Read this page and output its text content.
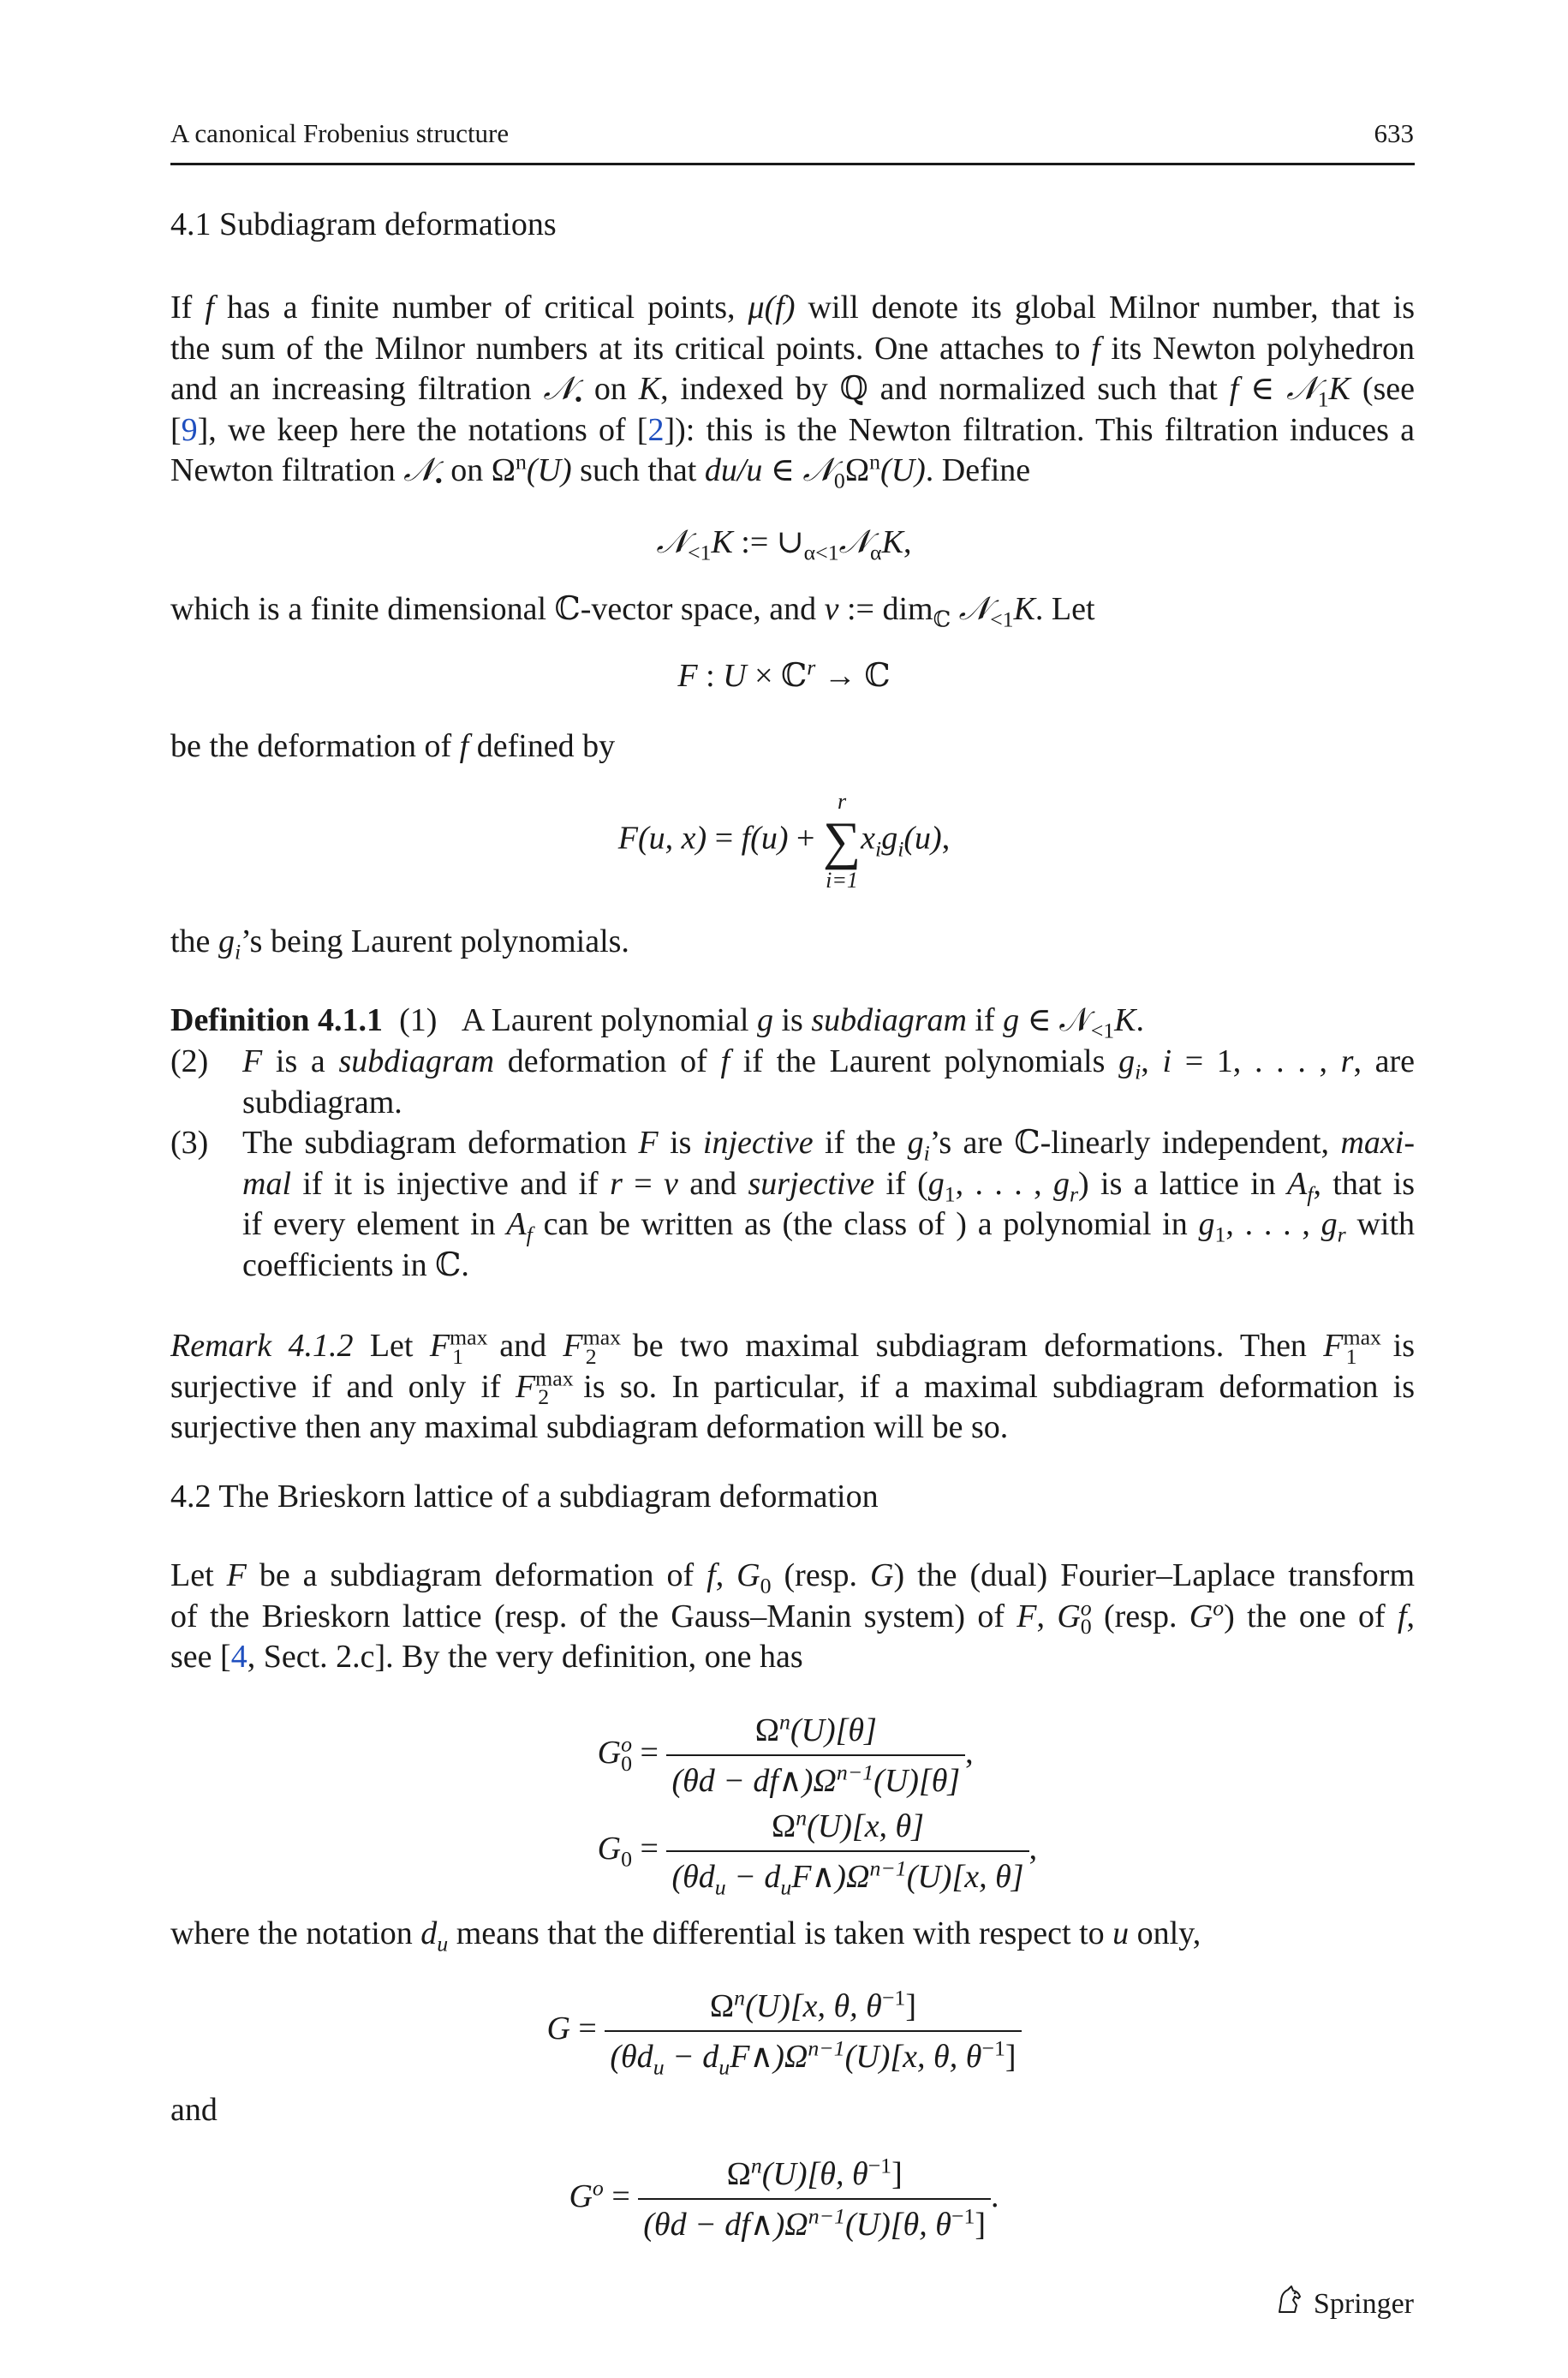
A canonical Frobenius structure	633
4.1 Subdiagram deformations
If f has a finite number of critical points, μ(f) will denote its global Milnor number, that is
the sum of the Milnor numbers at its critical points. One attaches to f its Newton polyhedron
and an increasing filtration 𝒩$_•$ on K, indexed by ℚ and normalized such that f ∈ 𝒩$_1$K (see
[9], we keep here the notations of [2]): this is the Newton filtration. This filtration induces a
Newton filtration 𝒩$_•$ on $\Omega^n(U)$ such that du/u ∈ $𝒩_0\Omega^n(U)$. Define
𝒩$_{<1}$K := $\cup_{\alpha<1}𝒩_\alpha K$,
which is a finite dimensional ℂ-vector space, and ν := dim$_ℂ$ 𝒩$_{<1}$K. Let
F : U × ℂ$^r$ → ℂ
be the deformation of f defined by
F(u, x) = f(u) +
r
∑
i=1
$x_ig_i(u)$,
the $g_i’s$ being Laurent polynomials.
Definition 4.1.1 (1) A Laurent polynomial g is subdiagram if g ∈ 𝒩$_{<1}$K.
(2) F is a subdiagram deformation of f if the Laurent polynomials $g_i$, i = 1, . . . , r, are
subdiagram.
(3) The subdiagram deformation F is injective if the $g_i’s$ are ℂ-linearly independent, maxi-
mal if it is injective and if r = ν and surjective if ($g_1$, . . . , $g_r$) is a lattice in $A_f$, that is
if every element in $A_f$ can be written as (the class of ) a polynomial in $g_1$, . . . , $g_r$ with
coefficients in ℂ.
Remark 4.1.2 Let $F^{max}_1$ and $F^{max}_2$ be two maximal subdiagram deformations. Then $F^{max}_1$ is
surjective if and only if $F^{max}_2$ is so. In particular, if a maximal subdiagram deformation is
surjective then any maximal subdiagram deformation will be so.
4.2 The Brieskorn lattice of a subdiagram deformation
Let F be a subdiagram deformation of f, $G_0$ (resp. G) the (dual) Fourier–Laplace transform
of the Brieskorn lattice (resp. of the Gauss–Manin system) of F, $G^o_0$ (resp. $G^o$) the one of f,
see [4, Sect. 2.c]. By the very definition, one has
$G^o_0 = \frac{\Omega^n(U)[\theta]}{(\theta d - df\wedge)\Omega^{n-1}(U)[\theta]}$ ,
$G_0 = \frac{\Omega^n(U)[x, \theta]}{(\theta d_u - d_uF\wedge)\Omega^{n-1}(U)[x, \theta]}$ ,
where the notation $d_u$ means that the differential is taken with respect to u only,
$G = \frac{\Omega^n(U)[x, \theta, \theta^{-1}]}{(\theta d_u - d_uF\wedge)\Omega^{n-1}(U)[x, \theta, \theta^{-1}]}$
and
$G^o = \frac{\Omega^n(U)[\theta, \theta^{-1}]}{(\theta d - df\wedge)\Omega^{n-1}(U)[\theta, \theta^{-1}]}$ .
Springer
